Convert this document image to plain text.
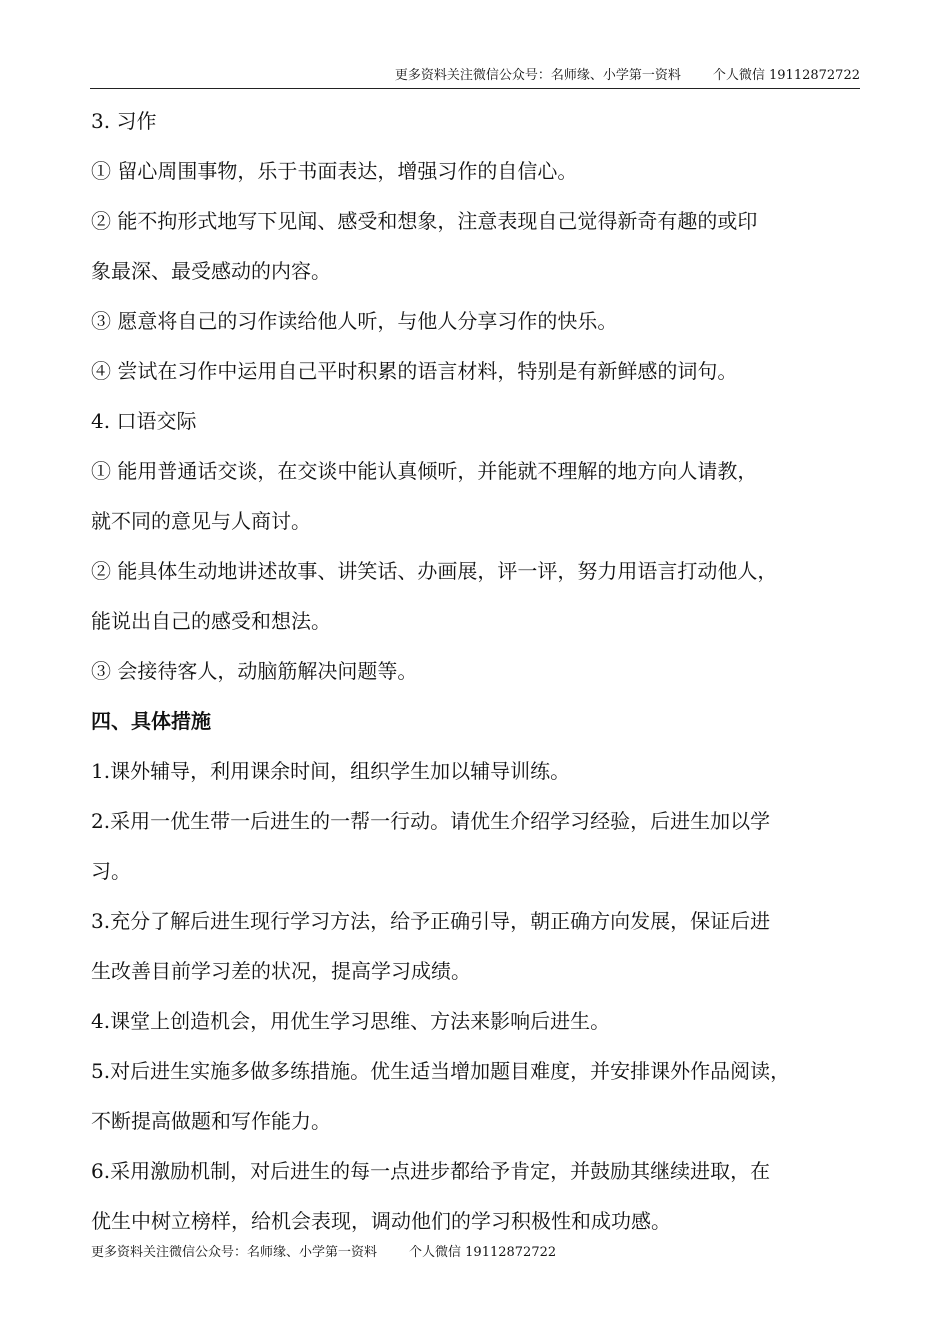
更多资料关注微信公众号：名师缘、小学第一资料 个人微信 19112872722
3. 习作
① 留心周围事物，乐于书面表达，增强习作的自信心。
② 能不拘形式地写下见闻、感受和想象，注意表现自己觉得新奇有趣的或印
象最深、最受感动的内容。
③ 愿意将自己的习作读给他人听，与他人分享习作的快乐。
④ 尝试在习作中运用自己平时积累的语言材料，特别是有新鲜感的词句。
4. 口语交际
① 能用普通话交谈，在交谈中能认真倾听，并能就不理解的地方向人请教，
就不同的意见与人商讨。
② 能具体生动地讲述故事、讲笑话、办画展，评一评，努力用语言打动他人，
能说出自己的感受和想法。
③ 会接待客人，动脑筋解决问题等。
四、具体措施
1.课外辅导，利用课余时间，组织学生加以辅导训练。
2.采用一优生带一后进生的一帮一行动。请优生介绍学习经验，后进生加以学
习。
3.充分了解后进生现行学习方法，给予正确引导，朝正确方向发展，保证后进
生改善目前学习差的状况，提高学习成绩。
4.课堂上创造机会，用优生学习思维、方法来影响后进生。
5.对后进生实施多做多练措施。优生适当增加题目难度，并安排课外作品阅读，
不断提高做题和写作能力。
6.采用激励机制，对后进生的每一点进步都给予肯定，并鼓励其继续进取，在
优生中树立榜样，给机会表现，调动他们的学习积极性和成功感。
更多资料关注微信公众号：名师缘、小学第一资料 个人微信 19112872722
